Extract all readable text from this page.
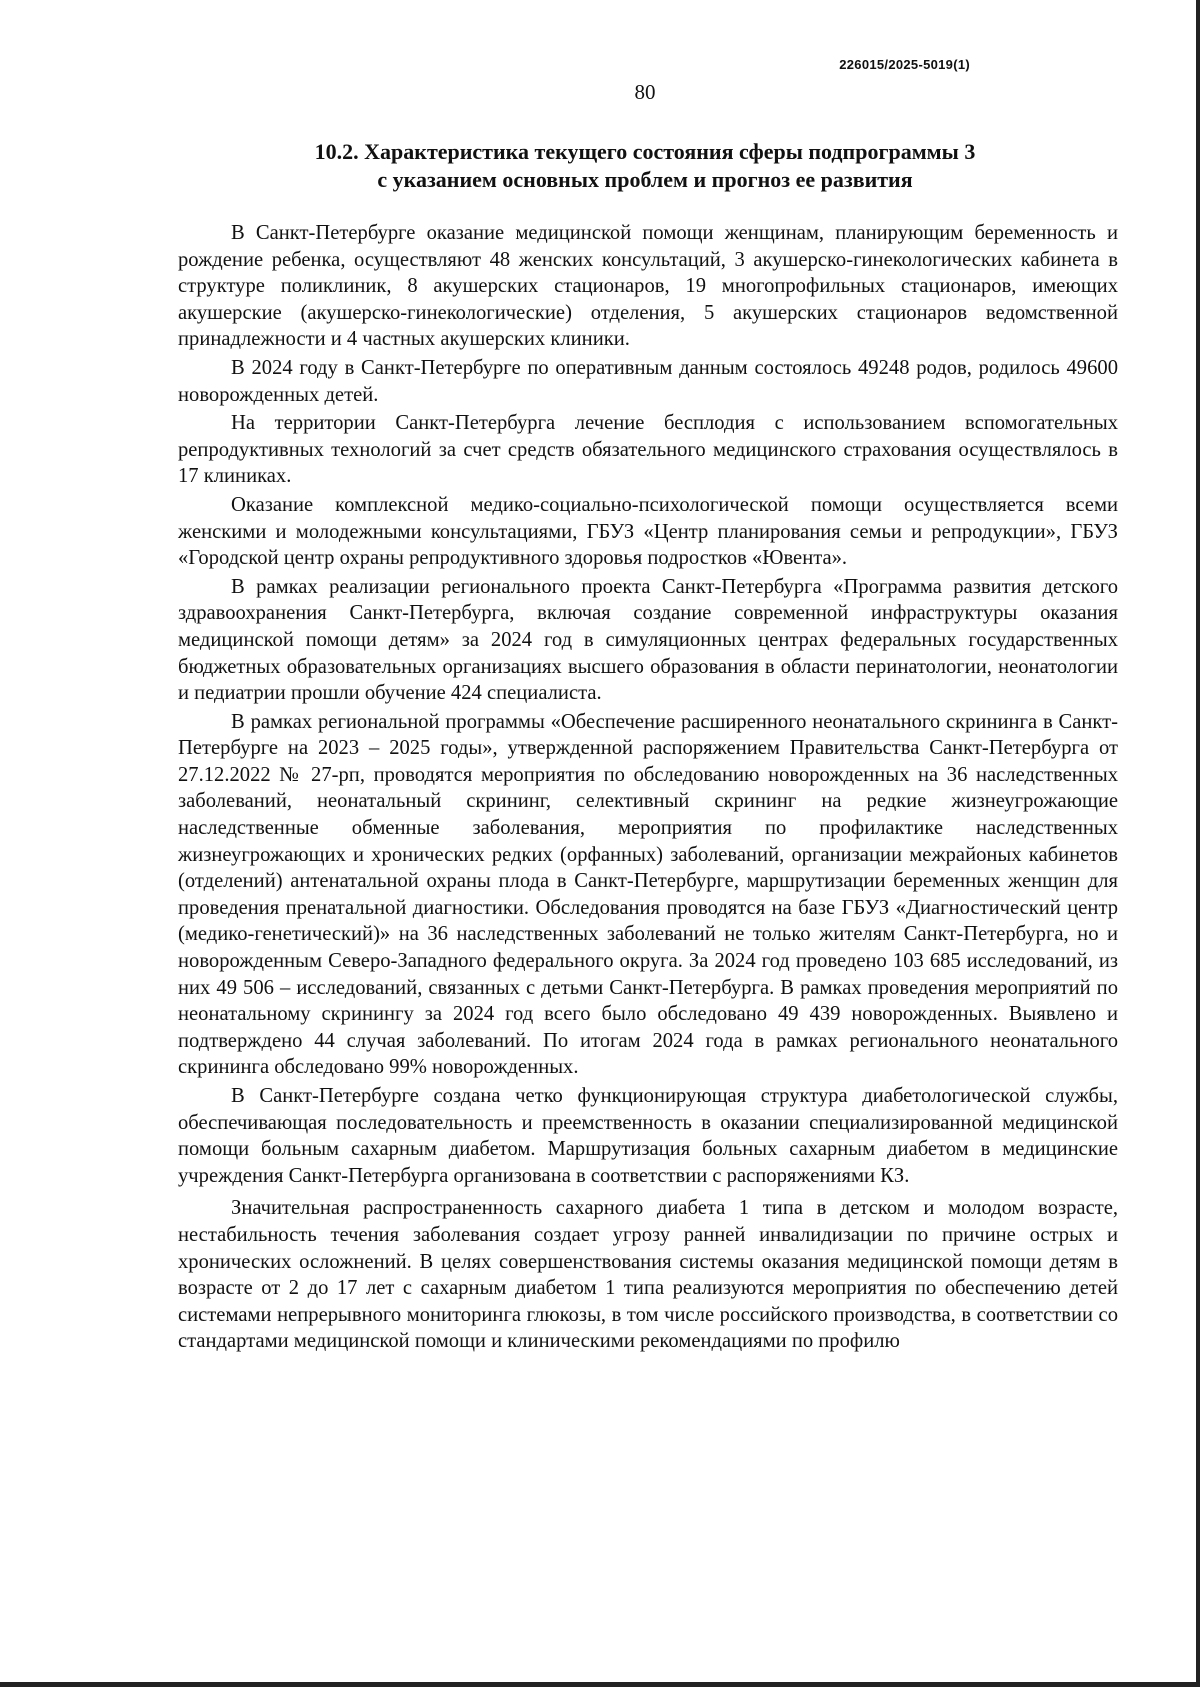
226015/2025-5019(1)
80
10.2. Характеристика текущего состояния сферы подпрограммы 3
с указанием основных проблем и прогноз ее развития

В Санкт-Петербурге оказание медицинской помощи женщинам, планирующим беременность и рождение ребенка, осуществляют 48 женских консультаций, 3 акушерско-гинекологических кабинета в структуре поликлиник, 8 акушерских стационаров, 19 многопрофильных стационаров, имеющих акушерские (акушерско-гинекологические) отделения, 5 акушерских стационаров ведомственной принадлежности и 4 частных акушерских клиники.

В 2024 году в Санкт-Петербурге по оперативным данным состоялось 49248 родов, родилось 49600 новорожденных детей.

На территории Санкт-Петербурга лечение бесплодия с использованием вспомогательных репродуктивных технологий за счет средств обязательного медицинского страхования осуществлялось в 17 клиниках.

Оказание комплексной медико-социально-психологической помощи осуществляется всеми женскими и молодежными консультациями, ГБУЗ «Центр планирования семьи и репродукции», ГБУЗ «Городской центр охраны репродуктивного здоровья подростков «Ювента».

В рамках реализации регионального проекта Санкт-Петербурга «Программа развития детского здравоохранения Санкт-Петербурга, включая создание современной инфраструктуры оказания медицинской помощи детям» за 2024 год в симуляционных центрах федеральных государственных бюджетных образовательных организациях высшего образования в области перинатологии, неонатологии и педиатрии прошли обучение 424 специалиста.

В рамках региональной программы «Обеспечение расширенного неонатального скрининга в Санкт-Петербурге на 2023 – 2025 годы», утвержденной распоряжением Правительства Санкт-Петербурга от 27.12.2022 № 27-рп, проводятся мероприятия по обследованию новорожденных на 36 наследственных заболеваний, неонатальный скрининг, селективный скрининг на редкие жизнеугрожающие наследственные обменные заболевания, мероприятия по профилактике наследственных жизнеугрожающих и хронических редких (орфанных) заболеваний, организации межрайоных кабинетов (отделений) антенатальной охраны плода в Санкт-Петербурге, маршрутизации беременных женщин для проведения пренатальной диагностики. Обследования проводятся на базе ГБУЗ «Диагностический центр (медико-генетический)» на 36 наследственных заболеваний не только жителям Санкт-Петербурга, но и новорожденным Северо-Западного федерального округа. За 2024 год проведено 103 685 исследований, из них 49 506 – исследований, связанных с детьми Санкт-Петербурга. В рамках проведения мероприятий по неонатальному скринингу за 2024 год всего было обследовано 49 439 новорожденных. Выявлено и подтверждено 44 случая заболеваний. По итогам 2024 года в рамках регионального неонатального скрининга обследовано 99% новорожденных.

В Санкт-Петербурге создана четко функционирующая структура диабетологической службы, обеспечивающая последовательность и преемственность в оказании специализированной медицинской помощи больным сахарным диабетом. Маршрутизация больных сахарным диабетом в медицинские учреждения Санкт-Петербурга организована в соответствии с распоряжениями КЗ.

Значительная распространенность сахарного диабета 1 типа в детском и молодом возрасте, нестабильность течения заболевания создает угрозу ранней инвалидизации по причине острых и хронических осложнений. В целях совершенствования системы оказания медицинской помощи детям в возрасте от 2 до 17 лет с сахарным диабетом 1 типа реализуются мероприятия по обеспечению детей системами непрерывного мониторинга глюкозы, в том числе российского производства, в соответствии со стандартами медицинской помощи и клиническими рекомендациями по профилю
